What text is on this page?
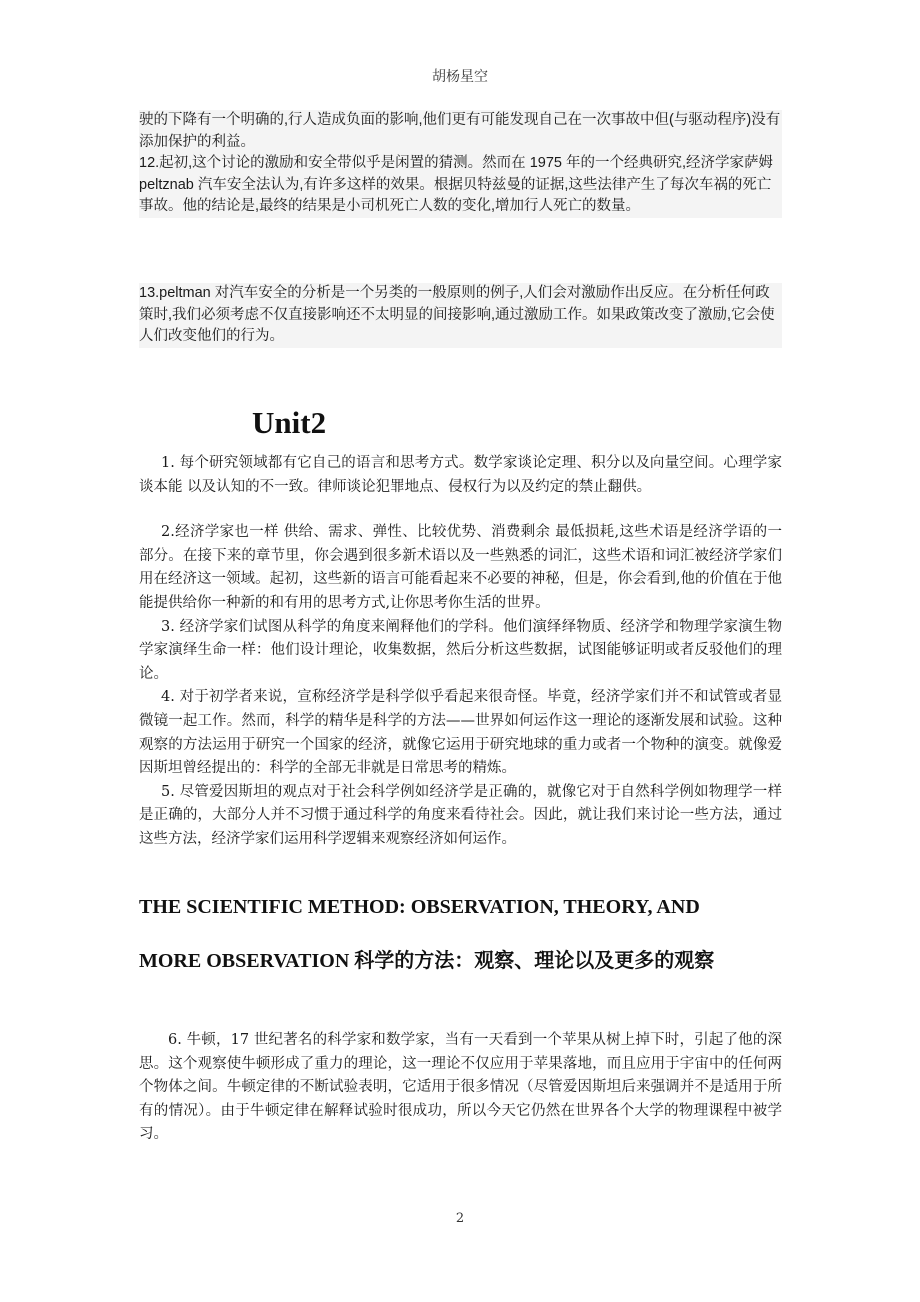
胡杨星空

驶的下降有一个明确的,行人造成负面的影响,他们更有可能发现自己在一次事故中但(与驱动程序)没有添加保护的利益。

12.起初,这个讨论的激励和安全带似乎是闲置的猜测。然而在 1975 年的一个经典研究,经济学家萨姆 peltznab 汽车安全法认为,有许多这样的效果。根据贝特兹曼的证据,这些法律产生了每次车祸的死亡事故。他的结论是,最终的结果是小司机死亡人数的变化,增加行人死亡的数量。

13.peltman 对汽车安全的分析是一个另类的一般原则的例子,人们会对激励作出反应。在分析任何政策时,我们必须考虑不仅直接影响还不太明显的间接影响,通过激励工作。如果政策改变了激励,它会使人们改变他们的行为。

Unit2

1. 每个研究领域都有它自己的语言和思考方式。数学家谈论定理、积分以及向量空间。心理学家谈本能 以及认知的不一致。律师谈论犯罪地点、侵权行为以及约定的禁止翻供。

2.经济学家也一样 供给、需求、弹性、比较优势、消费剩余 最低损耗,这些术语是经济学语的一部分。在接下来的章节里，你会遇到很多新术语以及一些熟悉的词汇，这些术语和词汇被经济学家们用在经济这一领域。起初，这些新的语言可能看起来不必要的神秘，但是，你会看到,他的价值在于他能提供给你一种新的和有用的思考方式,让你思考你生活的世界。

3. 经济学家们试图从科学的角度来阐释他们的学科。他们演绎绎物质、经济学和物理学家演生物学家演绎生命一样：他们设计理论，收集数据，然后分析这些数据，试图能够证明或者反驳他们的理论。

4. 对于初学者来说，宣称经济学是科学似乎看起来很奇怪。毕竟，经济学家们并不和试管或者显微镜一起工作。然而，科学的精华是科学的方法——世界如何运作这一理论的逐渐发展和试验。这种观察的方法运用于研究一个国家的经济，就像它运用于研究地球的重力或者一个物种的演变。就像爱因斯坦曾经提出的：科学的全部无非就是日常思考的精炼。

5. 尽管爱因斯坦的观点对于社会科学例如经济学是正确的，就像它对于自然科学例如物理学一样是正确的，大部分人并不习惯于通过科学的角度来看待社会。因此，就让我们来讨论一些方法，通过这些方法，经济学家们运用科学逻辑来观察经济如何运作。

THE SCIENTIFIC METHOD: OBSERVATION, THEORY, AND
MORE OBSERVATION 科学的方法：观察、理论以及更多的观察

6. 牛顿，17 世纪著名的科学家和数学家，当有一天看到一个苹果从树上掉下时，引起了他的深思。这个观察使牛顿形成了重力的理论，这一理论不仅应用于苹果落地，而且应用于宇宙中的任何两个物体之间。牛顿定律的不断试验表明，它适用于很多情况（尽管爱因斯坦后来强调并不是适用于所有的情况）。由于牛顿定律在解释试验时很成功，所以今天它仍然在世界各个大学的物理课程中被学习。

2
